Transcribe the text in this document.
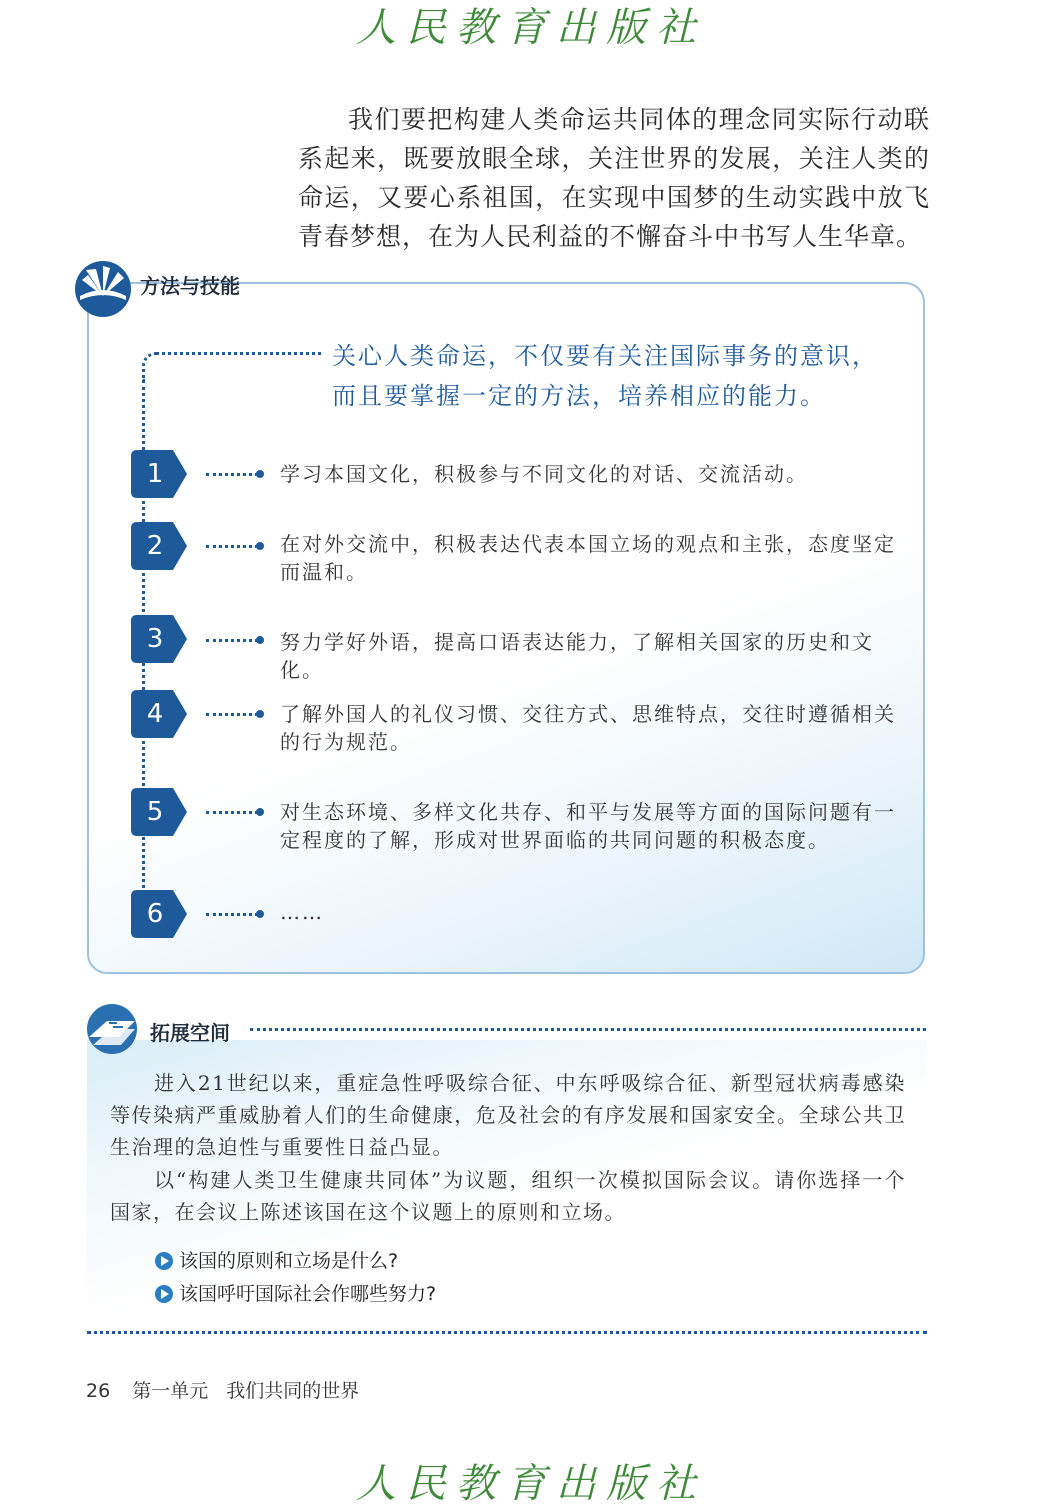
人民教育出版社

我们要把构建人类命运共同体的理念同实际行动联系起来，既要放眼全球，关注世界的发展，关注人类的命运，又要心系祖国，在实现中国梦的生动实践中放飞青春梦想，在为人民利益的不懈奋斗中书写人生华章。

方法与技能

关心人类命运，不仅要有关注国际事务的意识，
而且要掌握一定的方法，培养相应的能力。

1	学习本国文化，积极参与不同文化的对话、交流活动。

2	在对外交流中，积极表达代表本国立场的观点和主张，态度坚定而温和。

3	努力学好外语，提高口语表达能力，了解相关国家的历史和文化。

4	了解外国人的礼仪习惯、交往方式、思维特点，交往时遵循相关的行为规范。

5	对生态环境、多样文化共存、和平与发展等方面的国际问题有一定程度的了解，形成对世界面临的共同问题的积极态度。

6	……

拓展空间

进入21世纪以来，重症急性呼吸综合征、中东呼吸综合征、新型冠状病毒感染等传染病严重威胁着人们的生命健康，危及社会的有序发展和国家安全。全球公共卫生治理的急迫性与重要性日益凸显。

以“构建人类卫生健康共同体”为议题，组织一次模拟国际会议。请你选择一个国家，在会议上陈述该国在这个议题上的原则和立场。

该国的原则和立场是什么?
该国呼吁国际社会作哪些努力?
26 第一单元 我们共同的世界
人民教育出版社
